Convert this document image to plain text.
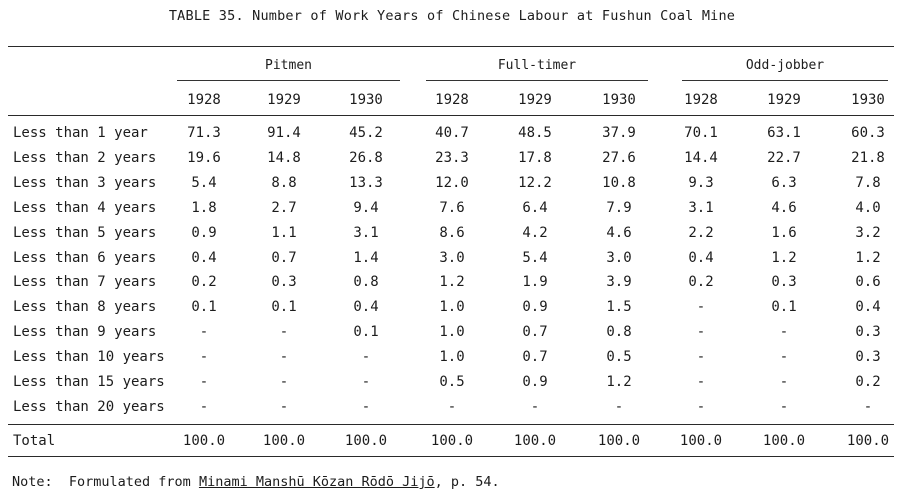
TABLE 35. Number of Work Years of Chinese Labour at Fushun Coal Mine
Pitmen
1928	1929	1930
Full-timer
1928	1929	1930
Odd-jobber
1928	1929	1930
Less than 1 year	71.3	91.4	45.2	40.7	48.5	37.9	70.1	63.1	60.3
Less than 2 years	19.6	14.8	26.8	23.3	17.8	27.6	14.4	22.7	21.8
Less than 3 years	5.4	8.8	13.3	12.0	12.2	10.8	9.3	6.3	7.8
Less than 4 years	1.8	2.7	9.4	7.6	6.4	7.9	3.1	4.6	4.0
Less than 5 years	0.9	1.1	3.1	8.6	4.2	4.6	2.2	1.6	3.2
Less than 6 years	0.4	0.7	1.4	3.0	5.4	3.0	0.4	1.2	1.2
Less than 7 years	0.2	0.3	0.8	1.2	1.9	3.9	0.2	0.3	0.6
Less than 8 years	0.1	0.1	0.4	1.0	0.9	1.5	-	0.1	0.4
Less than 9 years	-	-	0.1	1.0	0.7	0.8	-	-	0.3
Less than 10 years	-	-	-	1.0	0.7	0.5	-	-	0.3
Less than 15 years	-	-	-	0.5	0.9	1.2	-	-	0.2
Less than 20 years	-	-	-	-	-	-	-	-	-
Total	100.0	100.0	100.0	100.0	100.0	100.0	100.0	100.0	100.0
Note:  Formulated from Minami Manshū Kōzan Rōdō Jijō, p. 54.
